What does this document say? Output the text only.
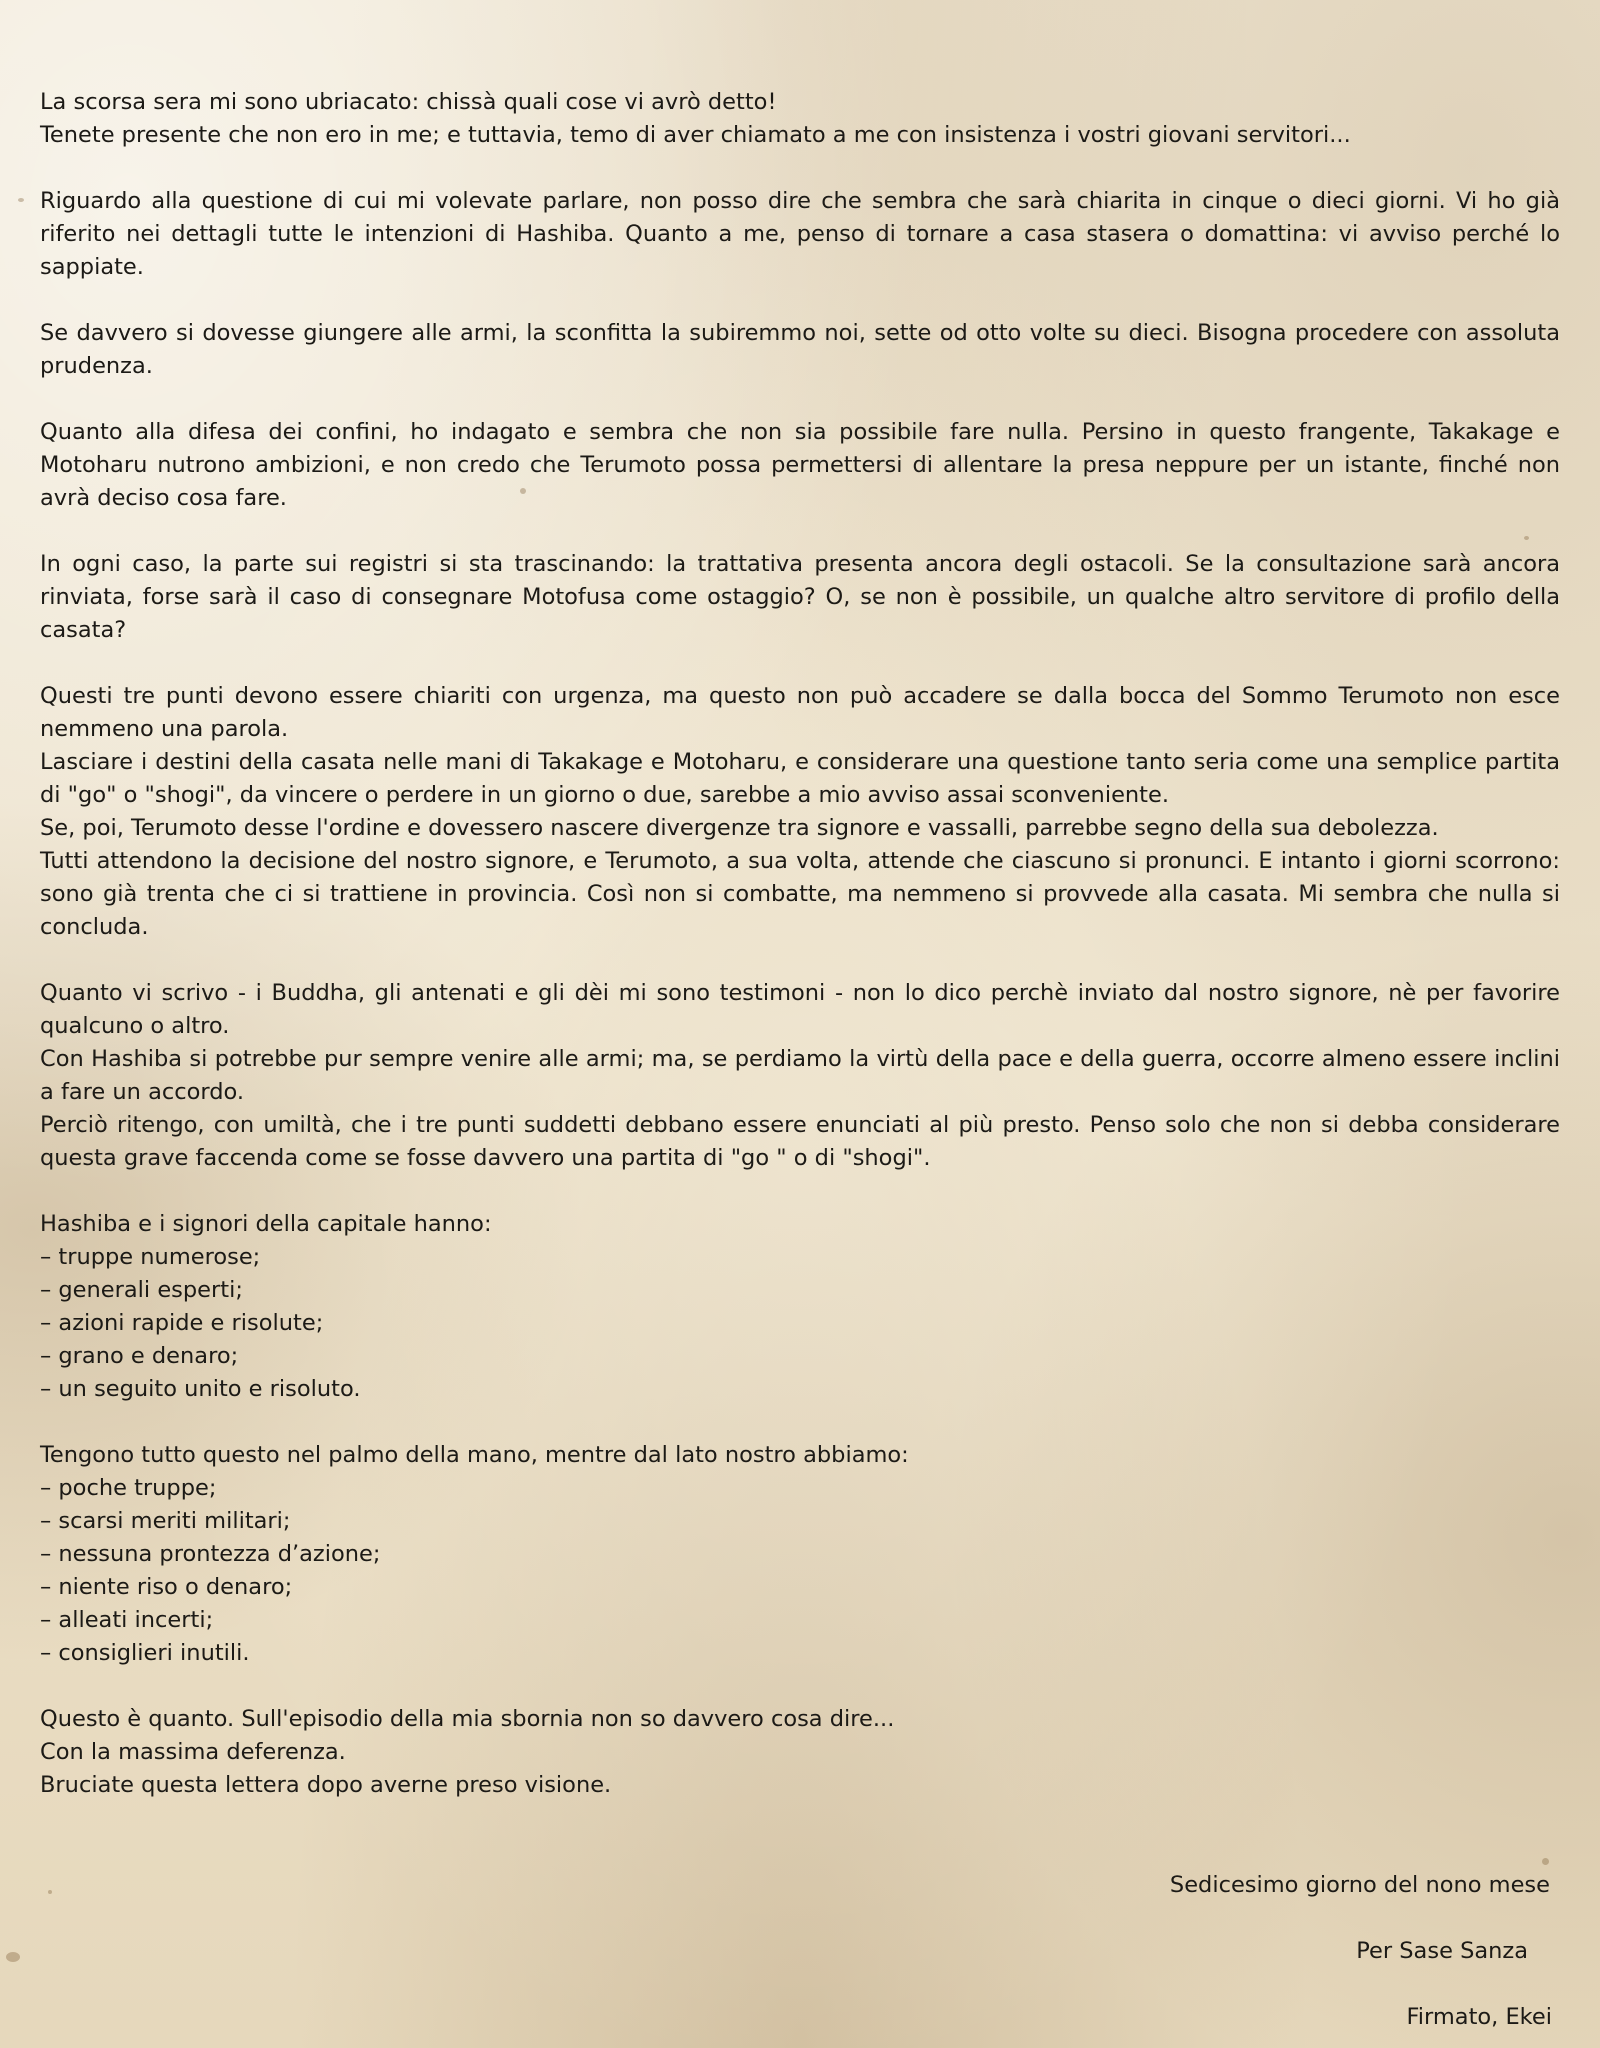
La scorsa sera mi sono ubriacato: chissà quali cose vi avrò detto!
Tenete presente che non ero in me; e tuttavia, temo di aver chiamato a me con insistenza i vostri giovani servitori...
Riguardo alla questione di cui mi volevate parlare, non posso dire che sembra che sarà chiarita in cinque o dieci giorni. Vi ho già riferito nei dettagli tutte le intenzioni di Hashiba. Quanto a me, penso di tornare a casa stasera o domattina: vi avviso perché lo sappiate.
Se davvero si dovesse giungere alle armi, la sconfitta la subiremmo noi, sette od otto volte su dieci. Bisogna procedere con assoluta prudenza.
Quanto alla difesa dei confini, ho indagato e sembra che non sia possibile fare nulla. Persino in questo frangente, Takakage e Motoharu nutrono ambizioni, e non credo che Terumoto possa permettersi di allentare la presa neppure per un istante, finché non avrà deciso cosa fare.
In ogni caso, la parte sui registri si sta trascinando: la trattativa presenta ancora degli ostacoli. Se la consultazione sarà ancora rinviata, forse sarà il caso di consegnare Motofusa come ostaggio? O, se non è possibile, un qualche altro servitore di profilo della casata?
Questi tre punti devono essere chiariti con urgenza, ma questo non può accadere se dalla bocca del Sommo Terumoto non esce nemmeno una parola.
Lasciare i destini della casata nelle mani di Takakage e Motoharu, e considerare una questione tanto seria come una semplice partita di "go" o "shogi", da vincere o perdere in un giorno o due, sarebbe a mio avviso assai sconveniente.
Se, poi, Terumoto desse l'ordine e dovessero nascere divergenze tra signore e vassalli, parrebbe segno della sua debolezza.
Tutti attendono la decisione del nostro signore, e Terumoto, a sua volta, attende che ciascuno si pronunci. E intanto i giorni scorrono: sono già trenta che ci si trattiene in provincia. Così non si combatte, ma nemmeno si provvede alla casata. Mi sembra che nulla si concluda.
Quanto vi scrivo - i Buddha, gli antenati e gli dèi mi sono testimoni - non lo dico perchè inviato dal nostro signore, nè per favorire qualcuno o altro.
Con Hashiba si potrebbe pur sempre venire alle armi; ma, se perdiamo la virtù della pace e della guerra, occorre almeno essere inclini a fare un accordo.
Perciò ritengo, con umiltà, che i tre punti suddetti debbano essere enunciati al più presto. Penso solo che non si debba considerare questa grave faccenda come se fosse davvero una partita di "go " o di "shogi".
Hashiba e i signori della capitale hanno:
– truppe numerose;
– generali esperti;
– azioni rapide e risolute;
– grano e denaro;
– un seguito unito e risoluto.
Tengono tutto questo nel palmo della mano, mentre dal lato nostro abbiamo:
– poche truppe;
– scarsi meriti militari;
– nessuna prontezza d’azione;
– niente riso o denaro;
– alleati incerti;
– consiglieri inutili.
Questo è quanto. Sull'episodio della mia sbornia non so davvero cosa dire...
Con la massima deferenza.
Bruciate questa lettera dopo averne preso visione.
Sedicesimo giorno del nono mese
Per Sase Sanza
Firmato, Ekei
